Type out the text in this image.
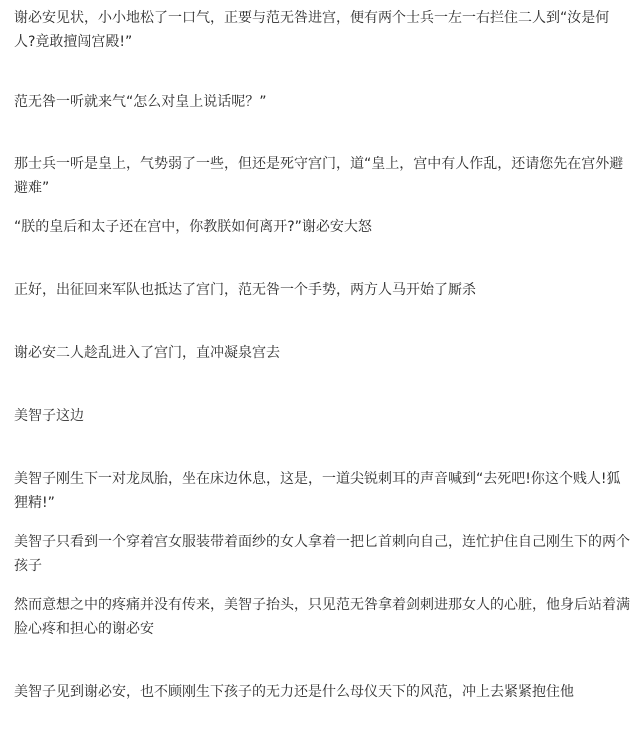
谢必安见状，小小地松了一口气，正要与范无咎进宫，便有两个士兵一左一右拦住二人到“汝是何人?竟敢擅闯宫殿!”

范无咎一听就来气“怎么对皇上说话呢？”

那士兵一听是皇上，气势弱了一些，但还是死守宫门，道“皇上，宫中有人作乱，还请您先在宫外避避难”

“朕的皇后和太子还在宫中，你教朕如何离开?”谢必安大怒

正好，出征回来军队也抵达了宫门，范无咎一个手势，两方人马开始了厮杀

谢必安二人趁乱进入了宫门，直冲凝泉宫去

美智子这边

美智子刚生下一对龙凤胎，坐在床边休息，这是，一道尖锐刺耳的声音喊到“去死吧!你这个贱人!狐狸精!”

美智子只看到一个穿着宫女服装带着面纱的女人拿着一把匕首刺向自己，连忙护住自己刚生下的两个孩子

然而意想之中的疼痛并没有传来，美智子抬头，只见范无咎拿着剑刺进那女人的心脏，他身后站着满脸心疼和担心的谢必安

美智子见到谢必安，也不顾刚生下孩子的无力还是什么母仪天下的风范，冲上去紧紧抱住他
